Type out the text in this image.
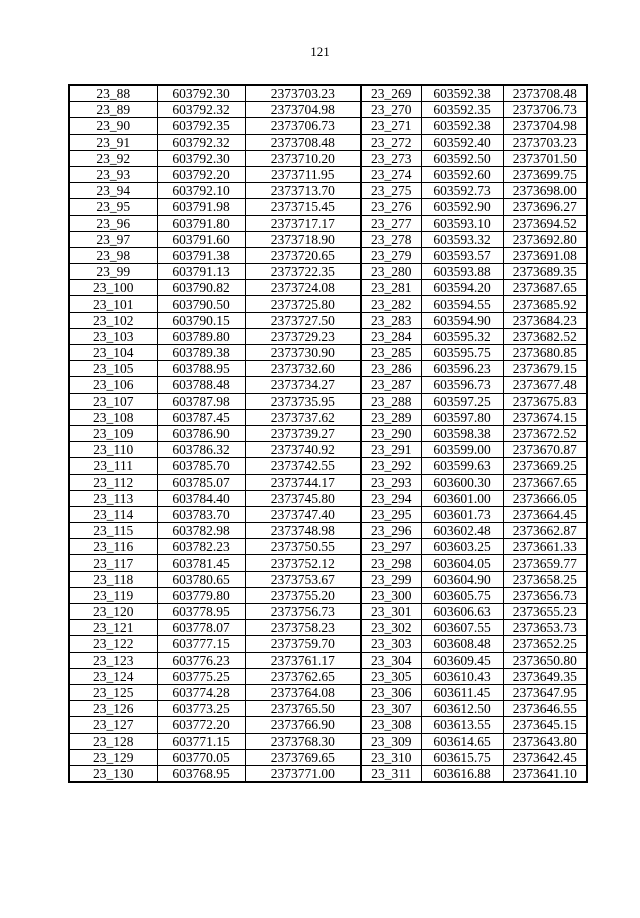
121
23_88	603792.30	2373703.23	23_269	603592.38	2373708.48
23_89	603792.32	2373704.98	23_270	603592.35	2373706.73
23_90	603792.35	2373706.73	23_271	603592.38	2373704.98
23_91	603792.32	2373708.48	23_272	603592.40	2373703.23
23_92	603792.30	2373710.20	23_273	603592.50	2373701.50
23_93	603792.20	2373711.95	23_274	603592.60	2373699.75
23_94	603792.10	2373713.70	23_275	603592.73	2373698.00
23_95	603791.98	2373715.45	23_276	603592.90	2373696.27
23_96	603791.80	2373717.17	23_277	603593.10	2373694.52
23_97	603791.60	2373718.90	23_278	603593.32	2373692.80
23_98	603791.38	2373720.65	23_279	603593.57	2373691.08
23_99	603791.13	2373722.35	23_280	603593.88	2373689.35
23_100	603790.82	2373724.08	23_281	603594.20	2373687.65
23_101	603790.50	2373725.80	23_282	603594.55	2373685.92
23_102	603790.15	2373727.50	23_283	603594.90	2373684.23
23_103	603789.80	2373729.23	23_284	603595.32	2373682.52
23_104	603789.38	2373730.90	23_285	603595.75	2373680.85
23_105	603788.95	2373732.60	23_286	603596.23	2373679.15
23_106	603788.48	2373734.27	23_287	603596.73	2373677.48
23_107	603787.98	2373735.95	23_288	603597.25	2373675.83
23_108	603787.45	2373737.62	23_289	603597.80	2373674.15
23_109	603786.90	2373739.27	23_290	603598.38	2373672.52
23_110	603786.32	2373740.92	23_291	603599.00	2373670.87
23_111	603785.70	2373742.55	23_292	603599.63	2373669.25
23_112	603785.07	2373744.17	23_293	603600.30	2373667.65
23_113	603784.40	2373745.80	23_294	603601.00	2373666.05
23_114	603783.70	2373747.40	23_295	603601.73	2373664.45
23_115	603782.98	2373748.98	23_296	603602.48	2373662.87
23_116	603782.23	2373750.55	23_297	603603.25	2373661.33
23_117	603781.45	2373752.12	23_298	603604.05	2373659.77
23_118	603780.65	2373753.67	23_299	603604.90	2373658.25
23_119	603779.80	2373755.20	23_300	603605.75	2373656.73
23_120	603778.95	2373756.73	23_301	603606.63	2373655.23
23_121	603778.07	2373758.23	23_302	603607.55	2373653.73
23_122	603777.15	2373759.70	23_303	603608.48	2373652.25
23_123	603776.23	2373761.17	23_304	603609.45	2373650.80
23_124	603775.25	2373762.65	23_305	603610.43	2373649.35
23_125	603774.28	2373764.08	23_306	603611.45	2373647.95
23_126	603773.25	2373765.50	23_307	603612.50	2373646.55
23_127	603772.20	2373766.90	23_308	603613.55	2373645.15
23_128	603771.15	2373768.30	23_309	603614.65	2373643.80
23_129	603770.05	2373769.65	23_310	603615.75	2373642.45
23_130	603768.95	2373771.00	23_311	603616.88	2373641.10
